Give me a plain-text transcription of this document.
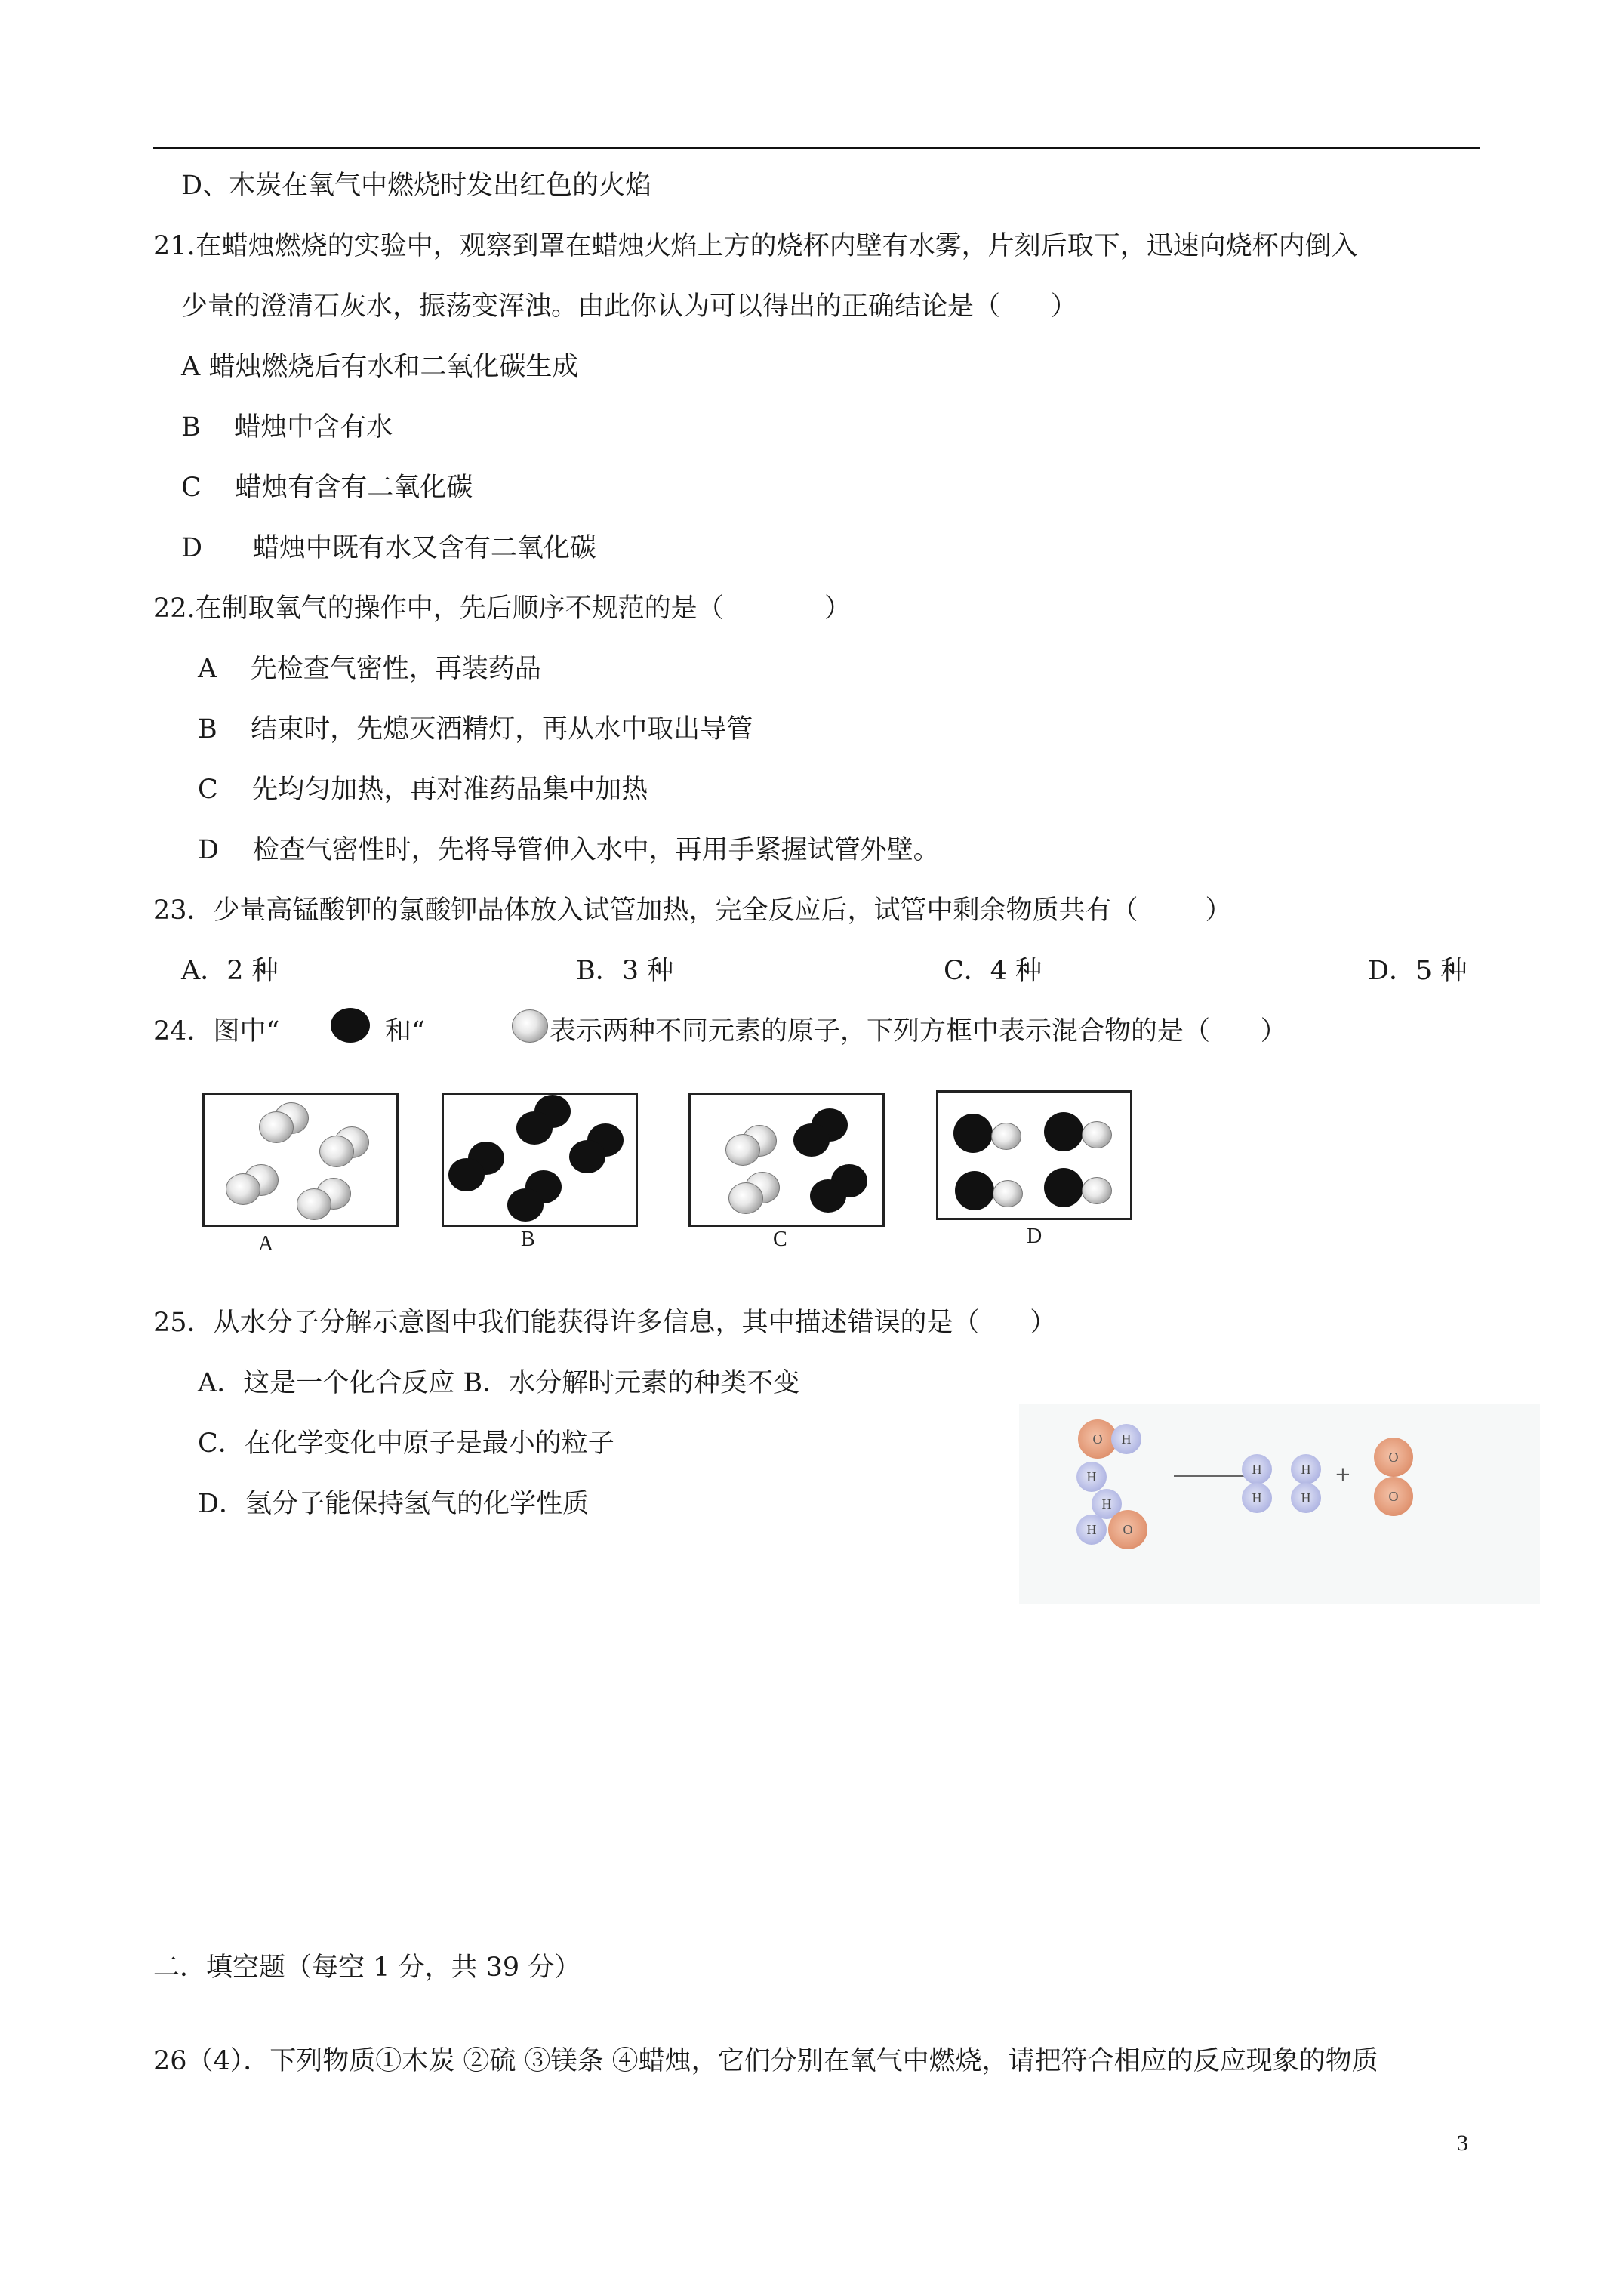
D、木炭在氧气中燃烧时发出红色的火焰
21.在蜡烛燃烧的实验中，观察到罩在蜡烛火焰上方的烧杯内壁有水雾，片刻后取下，迅速向烧杯内倒入
少量的澄清石灰水，振荡变浑浊。由此你认为可以得出的正确结论是（      ）
A 蜡烛燃烧后有水和二氧化碳生成
B    蜡烛中含有水
C    蜡烛有含有二氧化碳
D      蜡烛中既有水又含有二氧化碳
22.在制取氧气的操作中，先后顺序不规范的是（            ）
A    先检查气密性，再装药品
B    结束时，先熄灭酒精灯，再从水中取出导管
C    先均匀加热，再对准药品集中加热
D    检查气密性时，先将导管伸入水中，再用手紧握试管外壁。
23．少量高锰酸钾的氯酸钾晶体放入试管加热，完全反应后，试管中剩余物质共有（        ）
A．2 种	B．3 种	C．4 种	D．5 种
24．图中“	和“	表示两种不同元素的原子，下列方框中表示混合物的是（      ）
A	B	C	D
25．从水分子分解示意图中我们能获得许多信息，其中描述错误的是（      ）
A．这是一个化合反应 B．水分解时元素的种类不变
C．在化学变化中原子是最小的粒子
D．氢分子能保持氢气的化学性质
O	H
H
H
H	O
H
H
H
H
O
O
+
二．填空题（每空 1 分，共 39 分）
26（4）．下列物质①木炭 ②硫 ③镁条 ④蜡烛，它们分别在氧气中燃烧，请把符合相应的反应现象的物质
3
